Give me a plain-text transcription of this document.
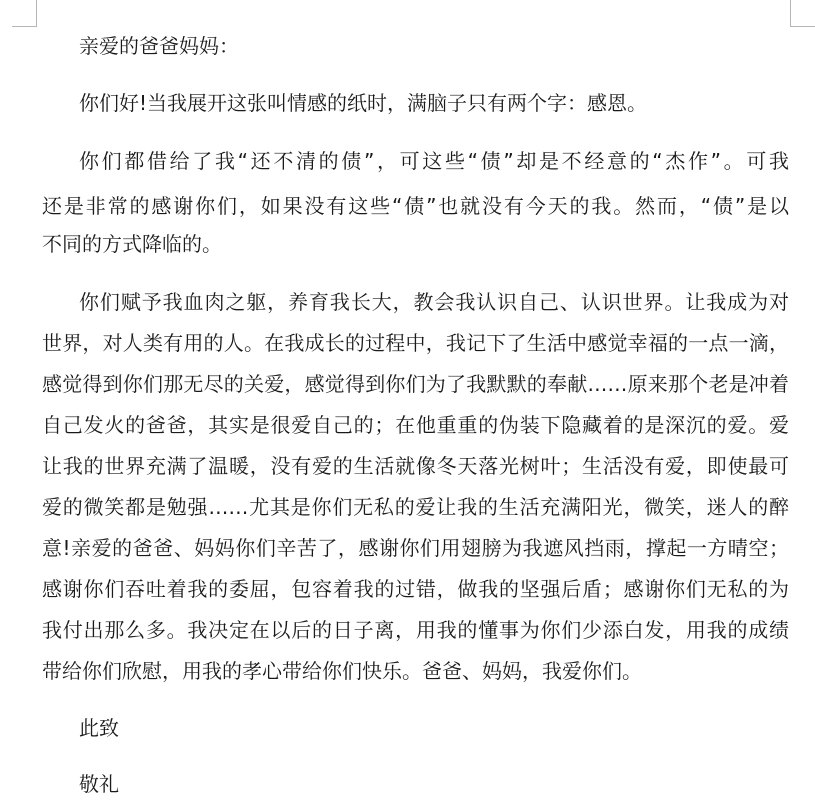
亲爱的爸爸妈妈：
你们好!当我展开这张叫情感的纸时，满脑子只有两个字：感恩。
你们都借给了我“还不清的债”，可这些“债”却是不经意的“杰作”。可我
还是非常的感谢你们，如果没有这些“债”也就没有今天的我。然而，“债”是以
不同的方式降临的。
你们赋予我血肉之躯，养育我长大，教会我认识自己、认识世界。让我成为对
世界，对人类有用的人。在我成长的过程中，我记下了生活中感觉幸福的一点一滴，
感觉得到你们那无尽的关爱，感觉得到你们为了我默默的奉献……原来那个老是冲着
自己发火的爸爸，其实是很爱自己的；在他重重的伪装下隐藏着的是深沉的爱。爱
让我的世界充满了温暖，没有爱的生活就像冬天落光树叶；生活没有爱，即使最可
爱的微笑都是勉强……尤其是你们无私的爱让我的生活充满阳光，微笑，迷人的醉
意!亲爱的爸爸、妈妈你们辛苦了，感谢你们用翅膀为我遮风挡雨，撑起一方晴空；
感谢你们吞吐着我的委屈，包容着我的过错，做我的坚强后盾；感谢你们无私的为
我付出那么多。我决定在以后的日子离，用我的懂事为你们少添白发，用我的成绩
带给你们欣慰，用我的孝心带给你们快乐。爸爸、妈妈，我爱你们。
此致
敬礼
